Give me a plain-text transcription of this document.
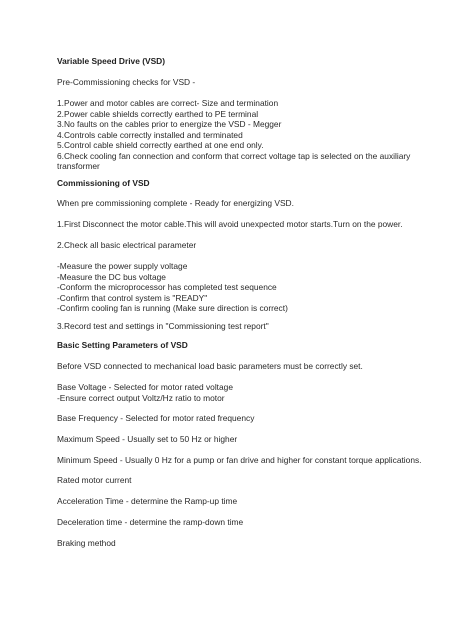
Variable Speed Drive (VSD)
Pre-Commissioning checks for VSD -
1.Power and motor cables are correct- Size and termination
2.Power cable shields correctly earthed to PE terminal
3.No faults on the cables prior to energize the VSD - Megger
4.Controls cable correctly installed and terminated
5.Control cable shield correctly earthed at one end only.
6.Check cooling fan connection and conform that correct voltage tap is selected on the auxiliary
transformer
Commissioning of VSD
When pre commissioning complete - Ready for energizing VSD.
1.First Disconnect the motor cable.This will avoid unexpected motor starts.Turn on the power.
2.Check all basic electrical parameter
-Measure the power supply voltage
-Measure the DC bus voltage
-Conform the microprocessor has completed test sequence
-Confirm that control system is "READY"
-Confirm cooling fan is running (Make sure direction is correct)
3.Record test and settings in "Commissioning test report"
Basic Setting Parameters of VSD
Before VSD connected to mechanical load basic parameters must be correctly set.
Base Voltage - Selected for motor rated voltage
-Ensure correct output Voltz/Hz ratio to motor
Base Frequency - Selected for motor rated frequency
Maximum Speed - Usually set to 50 Hz or higher
Minimum Speed - Usually 0 Hz for a pump or fan drive and higher for constant torque applications.
Rated motor current
Acceleration Time - determine the Ramp-up time
Deceleration time - determine the ramp-down time
Braking method
